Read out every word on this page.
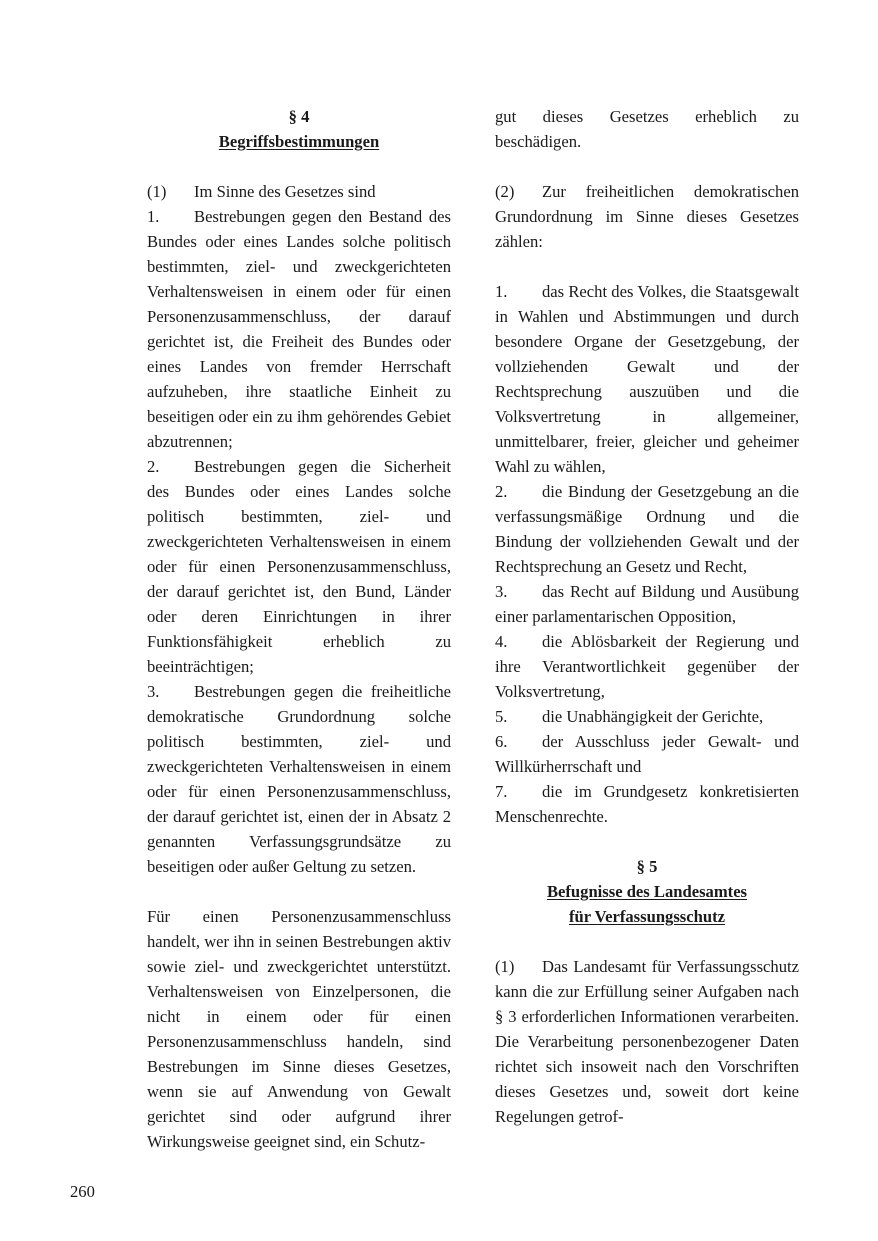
§ 4
Begriffsbestimmungen
(1)	Im Sinne des Gesetzes sind

1. Bestrebungen gegen den Bestand des Bundes oder eines Landes solche politisch bestimmten, ziel- und zweckgerichteten Verhaltensweisen in einem oder für einen Personenzusammenschluss, der darauf gerichtet ist, die Freiheit des Bundes oder eines Landes von fremder Herrschaft aufzuheben, ihre staatliche Einheit zu beseitigen oder ein zu ihm gehörendes Gebiet abzutrennen;

2. Bestrebungen gegen die Sicherheit des Bundes oder eines Landes solche politisch bestimmten, ziel- und zweckgerichteten Verhaltensweisen in einem oder für einen Personenzusammenschluss, der darauf gerichtet ist, den Bund, Länder oder deren Einrichtungen in ihrer Funktionsfähigkeit erheblich zu beeinträchtigen;

3. Bestrebungen gegen die freiheitliche demokratische Grundordnung solche politisch bestimmten, ziel- und zweckgerichteten Verhaltensweisen in einem oder für einen Personenzusammenschluss, der darauf gerichtet ist, einen der in Absatz 2 genannten Verfassungsgrundsätze zu beseitigen oder außer Geltung zu setzen.

Für einen Personenzusammenschluss handelt, wer ihn in seinen Bestrebungen aktiv sowie ziel- und zweckgerichtet unterstützt. Verhaltensweisen von Einzelpersonen, die nicht in einem oder für einen Personenzusammenschluss handeln, sind Bestrebungen im Sinne dieses Gesetzes, wenn sie auf Anwendung von Gewalt gerichtet sind oder aufgrund ihrer Wirkungsweise geeignet sind, ein Schutz-

gut dieses Gesetzes erheblich zu beschädigen.

(2) Zur freiheitlichen demokratischen Grundordnung im Sinne dieses Gesetzes zählen:

1. das Recht des Volkes, die Staatsgewalt in Wahlen und Abstimmungen und durch besondere Organe der Gesetzgebung, der vollziehenden Gewalt und der Rechtsprechung auszuüben und die Volksvertretung in allgemeiner, unmittelbarer, freier, gleicher und geheimer Wahl zu wählen,

2. die Bindung der Gesetzgebung an die verfassungsmäßige Ordnung und die Bindung der vollziehenden Gewalt und der Rechtsprechung an Gesetz und Recht,

3. das Recht auf Bildung und Ausübung einer parlamentarischen Opposition,

4. die Ablösbarkeit der Regierung und ihre Verantwortlichkeit gegenüber der Volksvertretung,

5. die Unabhängigkeit der Gerichte,

6. der Ausschluss jeder Gewalt- und Willkürherrschaft und

7. die im Grundgesetz konkretisierten Menschenrechte.

§ 5
Befugnisse des Landesamtes
für Verfassungsschutz

(1) Das Landesamt für Verfassungsschutz kann die zur Erfüllung seiner Aufgaben nach § 3 erforderlichen Informationen verarbeiten. Die Verarbeitung personenbezogener Daten richtet sich insoweit nach den Vorschriften dieses Gesetzes und, soweit dort keine Regelungen getrof-

260
